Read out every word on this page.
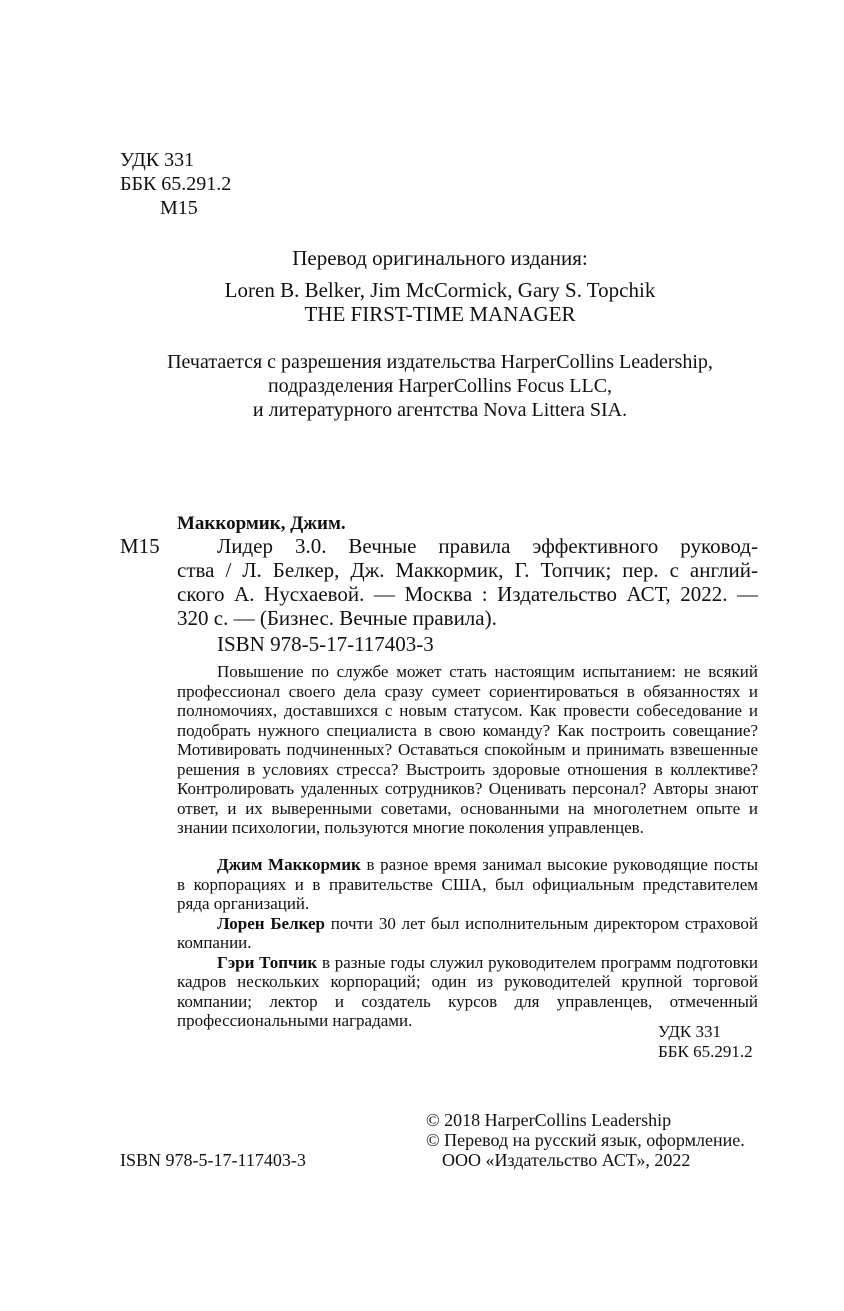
УДК 331
ББК 65.291.2
М15
Перевод оригинального издания:
Loren B. Belker, Jim McCormick, Gary S. Topchik
THE FIRST-TIME MANAGER
Печатается с разрешения издательства HarperCollins Leadership,
подразделения HarperCollins Focus LLC,
и литературного агентства Nova Littera SIA.
М15
Маккормик, Джим.

Лидер 3.0. Вечные правила эффективного руковод-

ства / Л. Белкер, Дж. Маккормик, Г. Топчик; пер. с англий-

ского А. Нусхаевой. — Москва : Издательство АСТ, 2022. —

320 с. — (Бизнес. Вечные правила).

ISBN 978-5-17-117403-3

Повышение по службе может стать настоящим испытанием: не всякий профессионал своего дела сразу сумеет сориентироваться в обязанностях и полномочиях, доставшихся с новым статусом. Как провести собеседование и подобрать нужного специалиста в свою команду? Как построить совещание? Мотивировать подчиненных? Оставаться спокойным и принимать взвешенные решения в условиях стресса? Выстроить здоровые отношения в коллективе? Контролировать удаленных сотрудников? Оценивать персонал? Авторы знают ответ, и их выверенными советами, основанными на многолетнем опыте и знании психологии, пользуются многие поколения управленцев.

Джим Маккормик в разное время занимал высокие руководящие посты в корпорациях и в правительстве США, был официальным представителем ряда организаций.

Лорен Белкер почти 30 лет был исполнительным директором страховой компании.

Гэри Топчик в разные годы служил руководителем программ подготовки кадров нескольких корпораций; один из руководителей крупной торговой компании; лектор и создатель курсов для управленцев, отмеченный профессиональными наградами.

УДК 331
ББК 65.291.2
ISBN 978-5-17-117403-3
© 2018 HarperCollins Leadership
© Перевод на русский язык, оформление.
ООО «Издательство АСТ», 2022
